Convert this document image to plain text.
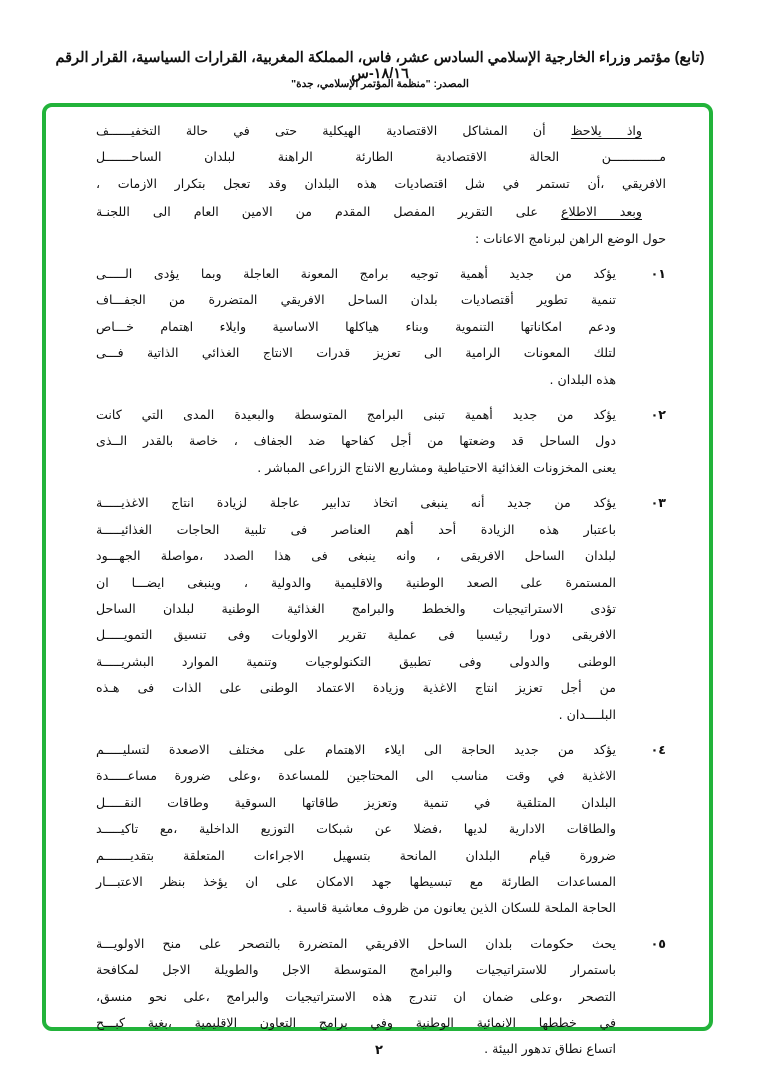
(تابع) مؤتمر وزراء الخارجية الإسلامي السادس عشر، فاس، المملكة المغربية، القرارات السياسية، القرار الرقم ١٨/١٦-س
المصدر: "منظمة المؤتمر الإسلامي، جدة"
واذ يلاحظ أن المشاكل الاقتصادية الهيكلية حتى في حالة التخفيــــــف
مـــــــــــــن الحالة الاقتصادية الطارئة الراهنة لبلدان الساحـــــــل
الافريقي ،أن تستمر في شل اقتصاديات هذه البلدان وقد تعجل بتكرار الازمات ،
وبعد الاطلاع على التقرير المفصل المقدم من الامين العام الى اللجنـة
حول الوضع الراهن لبرنامج الاعانات :
٠١
يؤكد من جديد أهمية توجيه برامج المعونة العاجلة وبما يؤدى الـــــى
تنمية تطوير أقتصاديات بلدان الساحل الافريقي المتضررة من الجفـــاف
ودعم امكاناتها التنموية وبناء هياكلها الاساسية وايلاء اهتمام خـــاص
لتلك المعونات الرامية الى تعزيز قدرات الانتاج الغذائي الذاتية فـــى
هذه البلدان .
٠٢
يؤكد من جديد أهمية تبنى البرامج المتوسطة والبعيدة المدى التي كانت
دول الساحل قد وضعتها من أجل كفاحها ضد الجفاف ، خاصة بالقدر الــذى
يعنى المخزونات الغذائية الاحتياطية ومشاريع الانتاج الزراعى المباشر .
٠٣
يؤكد من جديد أنه ينبغى اتخاذ تدابير عاجلة لزيادة انتاج الاغذيـــــة
باعتبار هذه الزيادة أحد أهم العناصر فى تلبية الحاجات الغذائيـــــة
لبلدان الساحل الافريقى ، وانه ينبغى فى هذا الصدد ،مواصلة الجهـــود
المستمرة على الصعد الوطنية والاقليمية والدولية ، وينبغى ايضـــا ان
تؤدى الاستراتيجيات والخطط والبرامج الغذائية الوطنية لبلدان الساحل
الافريقى دورا رئيسيا فى عملية تقرير الاولويات وفى تنسيق التمويـــــل
الوطنى والدولى وفى تطبيق التكنولوجيات وتنمية الموارد البشريـــــة
من أجل تعزيز انتاج الاغذية وزيادة الاعتماد الوطنى على الذات فى هـذه
البلــــدان .
٠٤
يؤكد من جديد الحاجة الى ايلاء الاهتمام على مختلف الاصعدة لتسليـــــم
الاغذية في وقت مناسب الى المحتاجين للمساعدة ،وعلى ضرورة مساعـــــدة
البلدان المتلقية في تنمية وتعزيز طاقاتها السوقية وطاقات النقـــــل
والطاقات الادارية لديها ،فضلا عن شبكات التوزيع الداخلية ،مع تاكيـــــد
ضرورة قيام البلدان المانحة بتسهيل الاجراءات المتعلقة بتقديـــــــم
المساعدات الطارئة مع تبسيطها جهد الامكان على ان يؤخذ بنظر الاعتبـــار
الحاجة الملحة للسكان الذين يعانون من ظروف معاشية قاسية .
٠٥
يحث حكومات بلدان الساحل الافريقي المتضررة بالتصحر على منح الاولويـــة
باستمرار للاستراتيجيات والبرامج المتوسطة الاجل والطويلة الاجل لمكافحة
التصحر ،وعلى ضمان ان تندرج هذه الاستراتيجيات والبرامج ،على نحو منسق،
في خططها الانمائية الوطنية وفي برامج التعاون الاقليمية ،بغية كبـــح
اتساع نطاق تدهور البيئة .
٢
